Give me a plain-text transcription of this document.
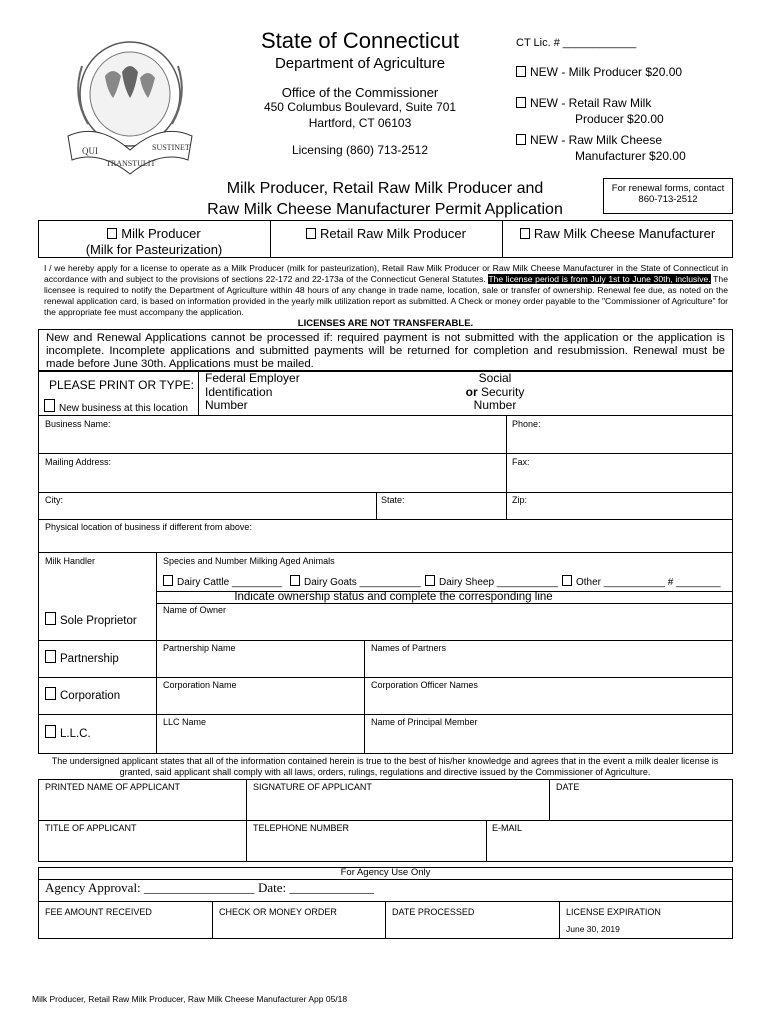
QUI
TRANSTULIT
SUSTINET
State of Connecticut
Department of Agriculture
Office of the Commissioner
450 Columbus Boulevard, Suite 701
Hartford, CT 06103
Licensing (860) 713-2512
CT Lic. # ____________
NEW - Milk Producer $20.00
NEW - Retail Raw Milk
Producer $20.00
NEW - Raw Milk Cheese
Manufacturer $20.00
Milk Producer, Retail Raw Milk Producer and
Raw Milk Cheese Manufacturer Permit Application
For renewal forms, contact 860-713-2512
Milk Producer
(Milk for Pasteurization)
Retail Raw Milk Producer	Raw Milk Cheese Manufacturer
I / we hereby apply for a license to operate as a Milk Producer (milk for pasteurization), Retail Raw Milk Producer or Raw Milk Cheese Manufacturer in the State of Connecticut in accordance with and subject to the provisions of sections 22-172 and 22-173a of the Connecticut General Statutes. The license period is from July 1st to June 30th, inclusive. The licensee is required to notify the Department of Agriculture within 48 hours of any change in trade name, location, sale or transfer of ownership. Renewal fee due, as noted on the renewal application card, is based on information provided in the yearly milk utilization report as submitted. A Check or money order payable to the "Commissioner of Agriculture" for the appropriate fee must accompany the application.
LICENSES ARE NOT TRANSFERABLE.
New and Renewal Applications cannot be processed if: required payment is not submitted with the application or the application is incomplete. Incomplete applications and submitted payments will be returned for completion and resubmission. Renewal must be made before June 30th. Applications must be mailed.
PLEASE PRINT OR TYPE:
New business at this location
Federal Employer
Identification
Number
Social
or Security
Number
Business Name:	Phone:
Mailing Address:	Fax:
City:	State:	Zip:
Physical location of business if different from above:
Milk Handler	Species and Number Milking Aged Animals
Dairy Cattle _________	Dairy Goats ___________	Dairy Sheep ___________	Other ___________ # ________
Indicate ownership status and complete the corresponding line
Sole Proprietor
Name of Owner
Partnership
Partnership Name	Names of Partners
Corporation
Corporation Name	Corporation Officer Names
L.L.C.
LLC Name	Name of Principal Member
The undersigned applicant states that all of the information contained herein is true to the best of his/her knowledge and agrees that in the event a milk dealer license is granted, said applicant shall comply with all laws, orders, rulings, regulations and directive issued by the Commissioner of Agriculture.
PRINTED NAME OF APPLICANT	SIGNATURE OF APPLICANT	DATE
TITLE OF APPLICANT	TELEPHONE NUMBER	E-MAIL
For Agency Use Only
Agency Approval: _________________ Date: _____________
FEE AMOUNT RECEIVED	CHECK OR MONEY ORDER	DATE PROCESSED	LICENSE EXPIRATION
June 30, 2019
Milk Producer, Retail Raw Milk Producer, Raw Milk Cheese Manufacturer App 05/18
